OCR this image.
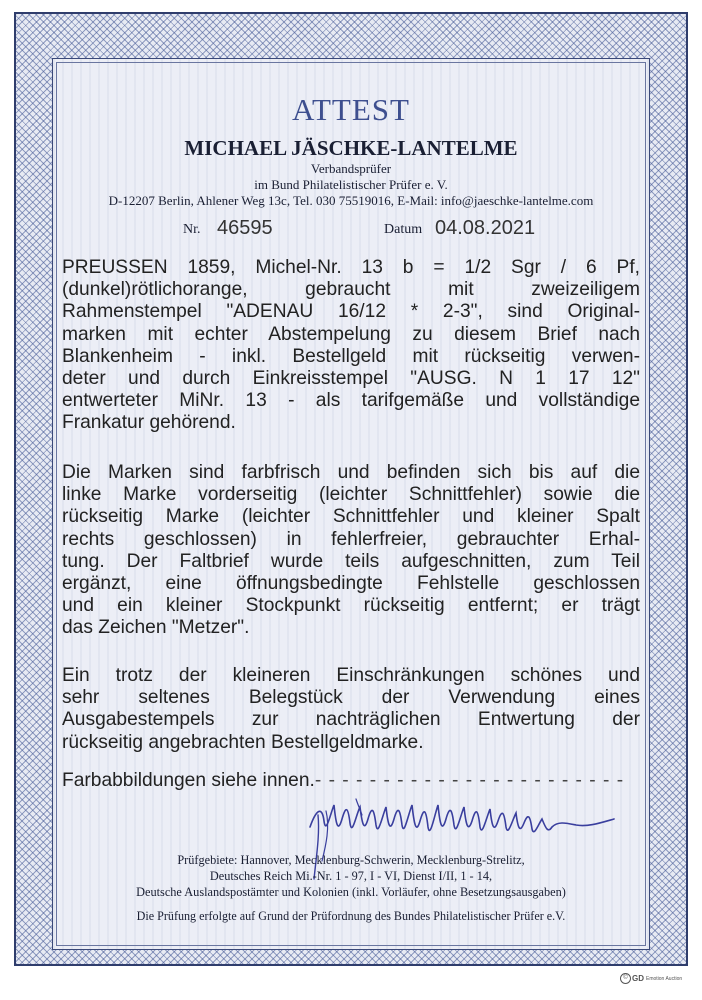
ATTEST
MICHAEL JÄSCHKE-LANTELME
Verbandsprüfer
im Bund Philatelistischer Prüfer e. V.
D-12207 Berlin, Ahlener Weg 13c, Tel. 030 75519016, E-Mail: info@jaeschke-lantelme.com
Nr. 46595	Datum 04.08.2021
PREUSSEN 1859, Michel-Nr. 13 b = 1/2 Sgr / 6 Pf,
(dunkel)rötlichorange, gebraucht mit zweizeiligem
Rahmenstempel "ADENAU 16/12 * 2-3", sind Original-
marken mit echter Abstempelung zu diesem Brief nach
Blankenheim - inkl. Bestellgeld mit rückseitig verwen-
deter und durch Einkreisstempel "AUSG. N 1 17 12"
entwerteter MiNr. 13 - als tarifgemäße und vollständige
Frankatur gehörend.
Die Marken sind farbfrisch und befinden sich bis auf die
linke Marke vorderseitig (leichter Schnittfehler) sowie die
rückseitig Marke (leichter Schnittfehler und kleiner Spalt
rechts geschlossen) in fehlerfreier, gebrauchter Erhal-
tung. Der Faltbrief wurde teils aufgeschnitten, zum Teil
ergänzt, eine öffnungsbedingte Fehlstelle geschlossen
und ein kleiner Stockpunkt rückseitig entfernt; er trägt
das Zeichen "Metzer".
Ein trotz der kleineren Einschränkungen schönes und
sehr seltenes Belegstück der Verwendung eines
Ausgabestempels zur nachträglichen Entwertung der
rückseitig angebrachten Bestellgeldmarke.
Farbabbildungen siehe innen.- - - - - - - - - - - - - - - - - - - - - - -
Prüfgebiete: Hannover, Mecklenburg-Schwerin, Mecklenburg-Strelitz,
Deutsches Reich Mi.-Nr. 1 - 97, I - VI, Dienst I/II, 1 - 14,
Deutsche Auslandspostämter und Kolonien (inkl. Vorläufer, ohne Besetzungsausgaben)
Die Prüfung erfolgte auf Grund der Prüfordnung des Bundes Philatelistischer Prüfer e.V.
© GD Emotion Auction
